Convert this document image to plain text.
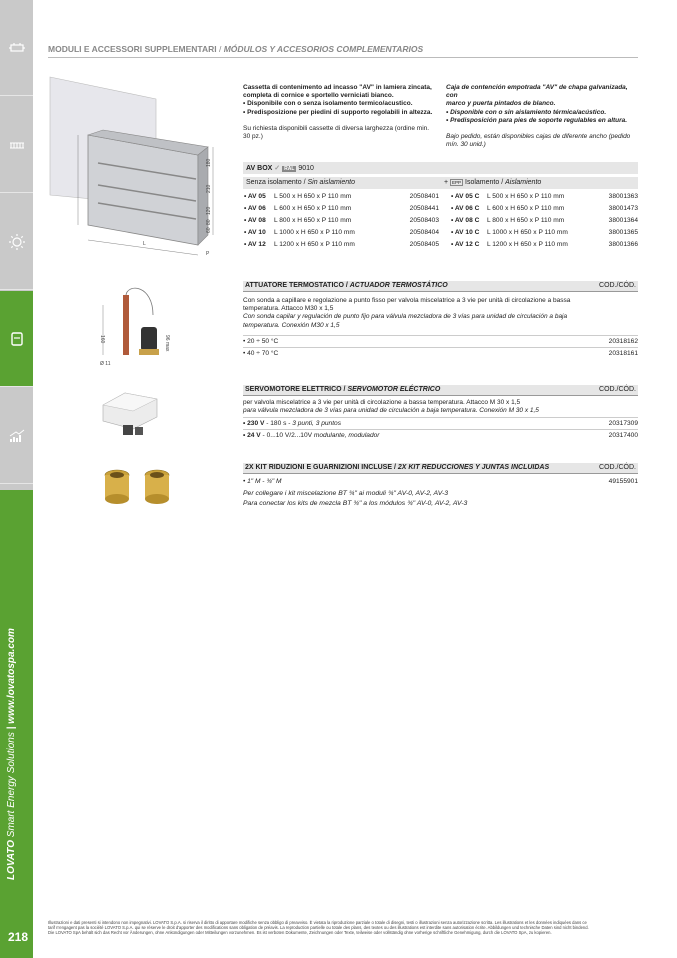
LOVATO Smart Energy Solutions | www.lovatospa.com
218
MODULI E ACCESSORI SUPPLEMENTARI / MÓDULOS Y ACCESORIOS COMPLEMENTARIOS
L
P
180
210
120
80
60
Cassetta di contenimento ad incasso "AV" in lamiera zincata,
completa di cornice e sportello verniciati bianco.
• Disponibile con o senza isolamento termico/acustico.
• Predisposizione per piedini di supporto regolabili in altezza.

Su richiesta disponibili cassette di diversa larghezza (ordine min.
30 pz.)
Caja de contención empotrada "AV" de chapa galvanizada, con
marco y puerta pintados de blanco.
• Disponible con o sin aislamiento térmica/acústico.
• Predisposición para pies de soporte regulables en altura.

Bajo pedido, están disponibles cajas de diferente ancho (pedido
mín. 30 unid.)
AV BOX ✓ RAL 9010
Senza isolamento / Sin aislamiento	+ EPP Isolamento / Aislamiento
• AV 05	L 500 x H 650 x P 110 mm	20508401
• AV 06	L 600 x H 650 x P 110 mm	20508441
• AV 08	L 800 x H 650 x P 110 mm	20508403
• AV 10	L 1000 x H 650 x P 110 mm	20508404
• AV 12	L 1200 x H 650 x P 110 mm	20508405
• AV 05 C	L 500 x H 650 x P 110 mm	38001363
• AV 06 C	L 600 x H 650 x P 110 mm	38001473
• AV 08 C	L 800 x H 650 x P 110 mm	38001364
• AV 10 C	L 1000 x H 650 x P 110 mm	38001365
• AV 12 C	L 1200 x H 650 x P 110 mm	38001366
160	96 max
Ø 11
ATTUATORE TERMOSTATICO / ACTUADOR TERMOSTÁTICO	COD./CÓD.
Con sonda a capillare e regolazione a punto fisso per valvola miscelatrice a 3 vie per unità di circolazione a bassa
temperatura. Attacco M30 x 1,5
Con sonda capilar y regulación de punto fijo para válvula mezcladora de 3 vías para unidad de circulación a baja
temperatura. Conexión M30 x 1,5
• 20 ÷ 50 °C	20318162
• 40 ÷ 70 °C	20318161
SERVOMOTORE ELETTRICO / SERVOMOTOR ELÉCTRICO	COD./CÓD.
per valvola miscelatrice a 3 vie per unità di circolazione a bassa temperatura. Attacco M 30 x 1,5
para válvula mezcladora de 3 vías para unidad de circulación a baja temperatura. Conexión M 30 x 1,5
• 230 V - 180 s - 3 punti, 3 puntos	20317309
• 24 V - 0...10 V/2...10V modulante, modulador	20317400
2X KIT RIDUZIONI E GUARNIZIONI INCLUSE / 2X KIT REDUCCIONES Y JUNTAS INCLUIDAS	COD./CÓD.
• 1" M - ¾" M	49155901
Per collegare i kit miscelazione BT ¾" ai moduli ¾" AV-0, AV-2, AV-3
Para conectar los kits de mezcla BT ¾" a los módulos ¾" AV-0, AV-2, AV-3
Illustrazioni e dati presenti si intendono non impegnativi. LOVATO S.p.A. si riserva il diritto di apportare modifiche senza obbligo di preavviso. È vietata la riproduzione parziale o totale di disegni, testi o illustrazioni senza autorizzazione scritta. Les illustrations et les données indiquées dans ce
tarif n'engagent pas la société LOVATO S.p.A. qui se réserve le droit d'apporter des modifications sans obligation de préavis. La reproduction partielle ou totale des plans, des textes ou des illustrations est interdite sans autorisation écrite. Abbildungen und technische Daten sind nicht bindend.
Die LOVATO SpA behält sich das Recht vor Änderungen, ohne Ankündigungen oder Mitteilungen vorzunehmen. Es ist verboten Dokumente, Zeichnungen oder Texte, teilweise oder vollständig ohne vorherige schriftliche Genehmigung, durch die LOVATO SpA, zu kopieren.
